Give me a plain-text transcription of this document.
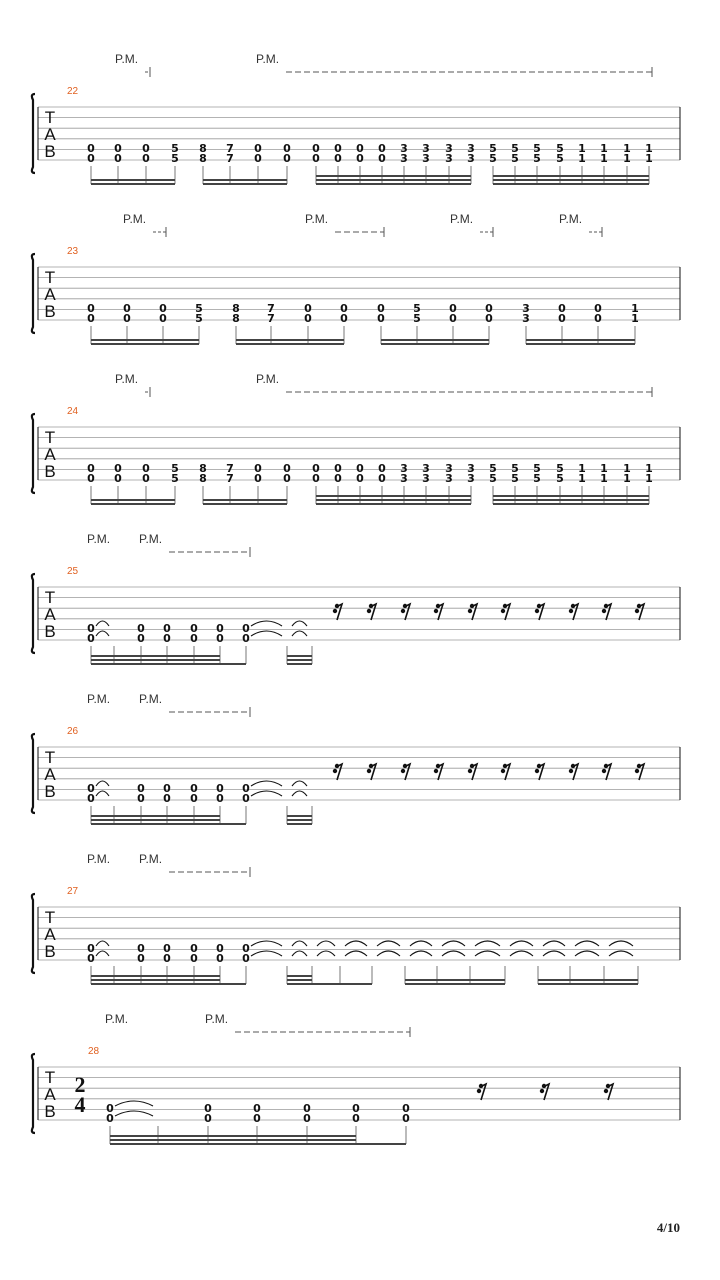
T
A
B
22
P.M.	P.M.
0
0
0
0
0
0
5
5
8
8
7
7
0
0
0
0
0
0
0
0
0
0
0
0
3
3
3
3
3
3
3
3
5
5
5
5
5
5
5
5
1
1
1
1
1
1
1
1
T
A
B
23
P.M.	P.M.	P.M.	P.M.
0
0
0
0
0
0
5
5
8
8
7
7
0
0
0
0
0
0
5
5
0
0
0
0
3
3
0
0
0
0
1
1
T
A
B
24
P.M.	P.M.
0
0
0
0
0
0
5
5
8
8
7
7
0
0
0
0
0
0
0
0
0
0
0
0
3
3
3
3
3
3
3
3
5
5
5
5
5
5
5
5
1
1
1
1
1
1
1
1
T
A
B
25
P.M. P.M.
0
0
0
0
0
0
0
0
0
0
0
0
T
A
B
26
P.M. P.M.
0
0
0
0
0
0
0
0
0
0
0
0
T
A
B
27
P.M. P.M.
0
0
0
0
0
0
0
0
0
0
0
0
T
A
B
28
2
4
P.M.	P.M.
0
0
0
0
0
0
0
0
0
0
0
0
4/10
